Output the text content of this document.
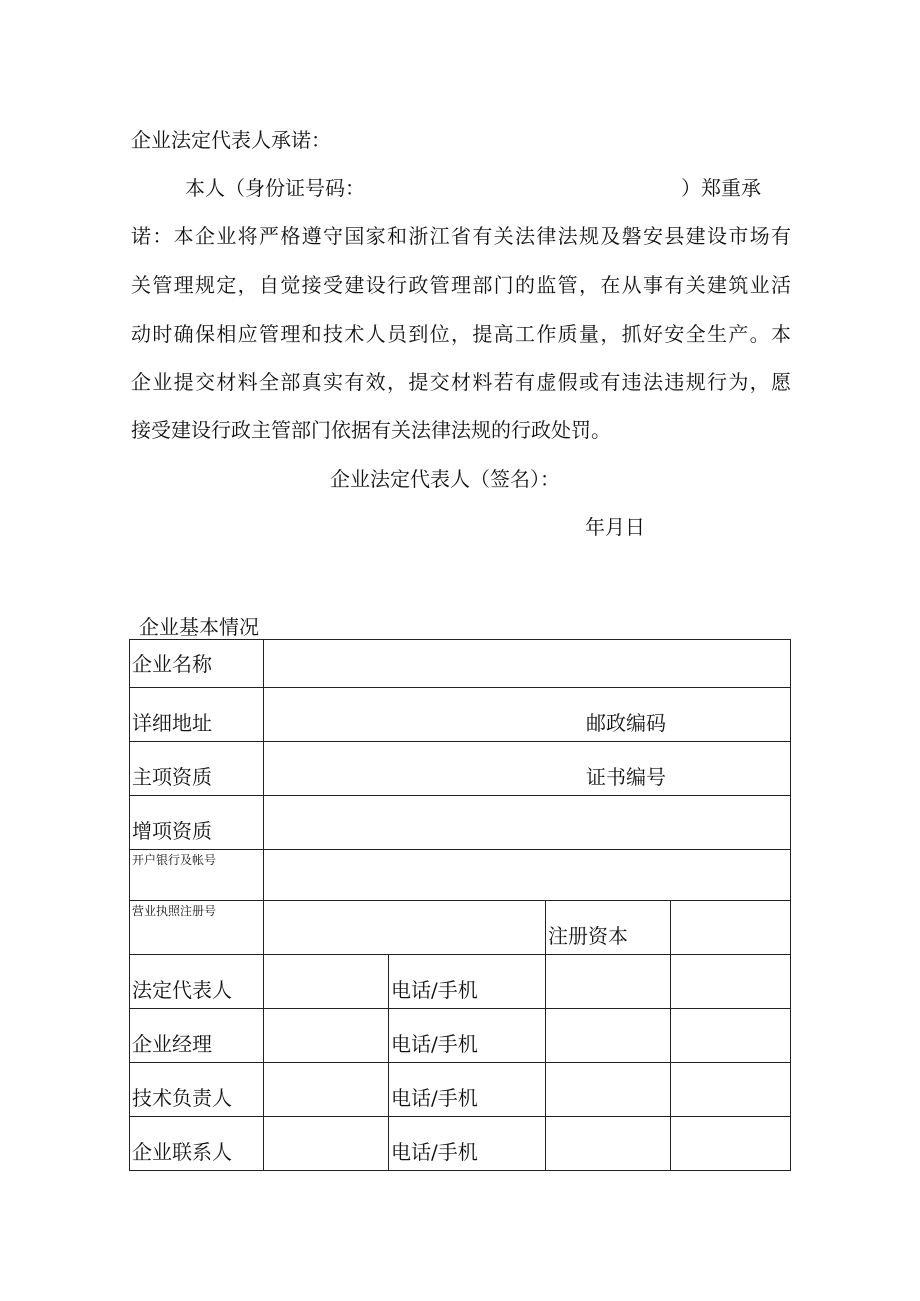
企业法定代表人承诺：
本人（身份证号码：	）郑重承
诺：本企业将严格遵守国家和浙江省有关法律法规及磐安县建设市场有
关管理规定，自觉接受建设行政管理部门的监管，在从事有关建筑业活
动时确保相应管理和技术人员到位，提高工作质量，抓好安全生产。本
企业提交材料全部真实有效，提交材料若有虚假或有违法违规行为，愿
接受建设行政主管部门依据有关法律法规的行政处罚。
企业法定代表人（签名）：
年月日
企业基本情况
企业名称				
详细地址	邮政编码			
主项资质	证书编号			
增项资质				
开户银行及帐号				
营业执照注册号			注册资本	
法定代表人		电话/手机		
企业经理		电话/手机		
技术负责人		电话/手机		
企业联系人		电话/手机		
